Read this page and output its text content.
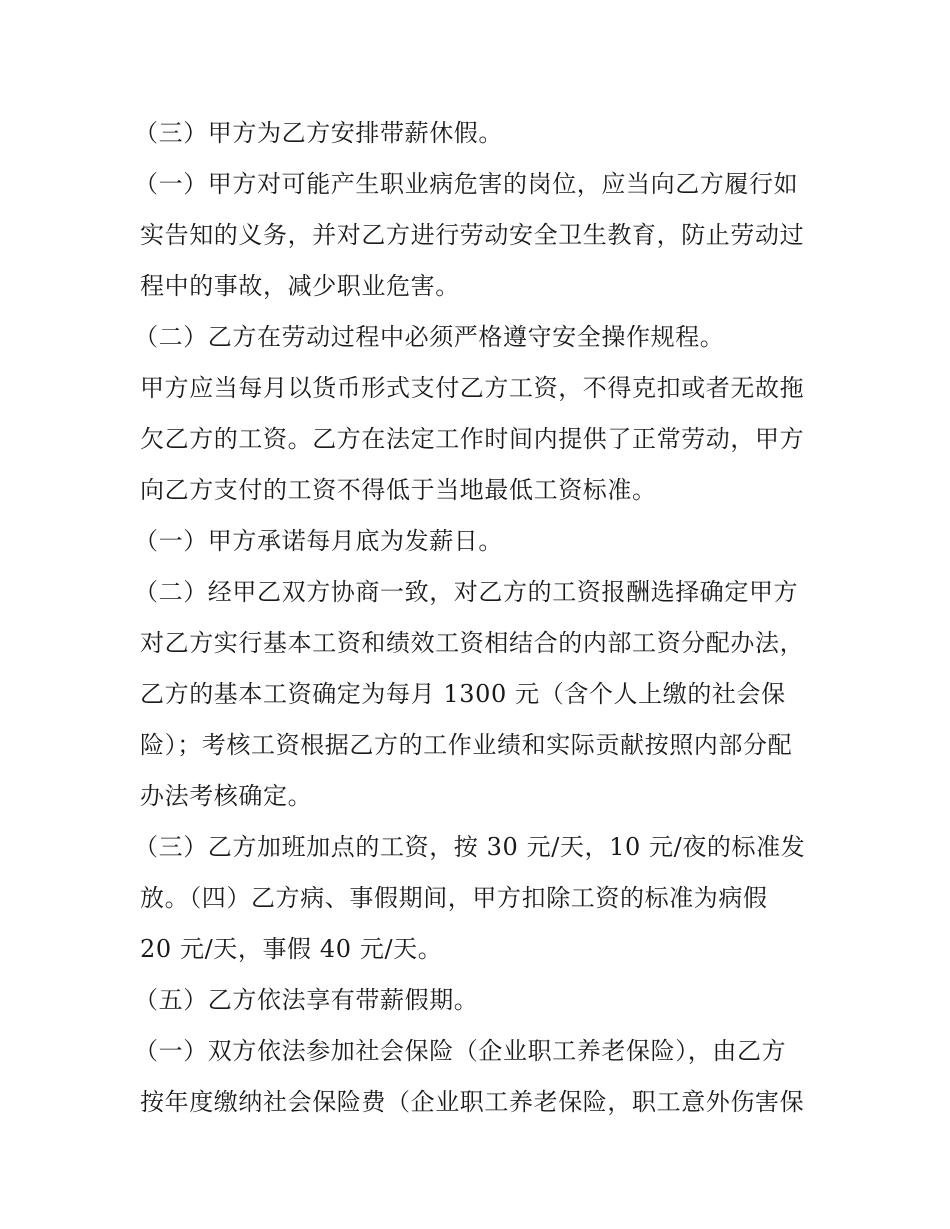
（三）甲方为乙方安排带薪休假。
（一）甲方对可能产生职业病危害的岗位，应当向乙方履行如
实告知的义务，并对乙方进行劳动安全卫生教育，防止劳动过
程中的事故，减少职业危害。
（二）乙方在劳动过程中必须严格遵守安全操作规程。
甲方应当每月以货币形式支付乙方工资，不得克扣或者无故拖
欠乙方的工资。乙方在法定工作时间内提供了正常劳动，甲方
向乙方支付的工资不得低于当地最低工资标准。
（一）甲方承诺每月底为发薪日。
（二）经甲乙双方协商一致，对乙方的工资报酬选择确定甲方
对乙方实行基本工资和绩效工资相结合的内部工资分配办法，
乙方的基本工资确定为每月 1300 元（含个人上缴的社会保
险）；考核工资根据乙方的工作业绩和实际贡献按照内部分配
办法考核确定。
（三）乙方加班加点的工资，按 30 元/天，10 元/夜的标准发
放。（四）乙方病、事假期间，甲方扣除工资的标准为病假
20 元/天，事假 40 元/天。
（五）乙方依法享有带薪假期。
（一）双方依法参加社会保险（企业职工养老保险），由乙方
按年度缴纳社会保险费（企业职工养老保险，职工意外伤害保
